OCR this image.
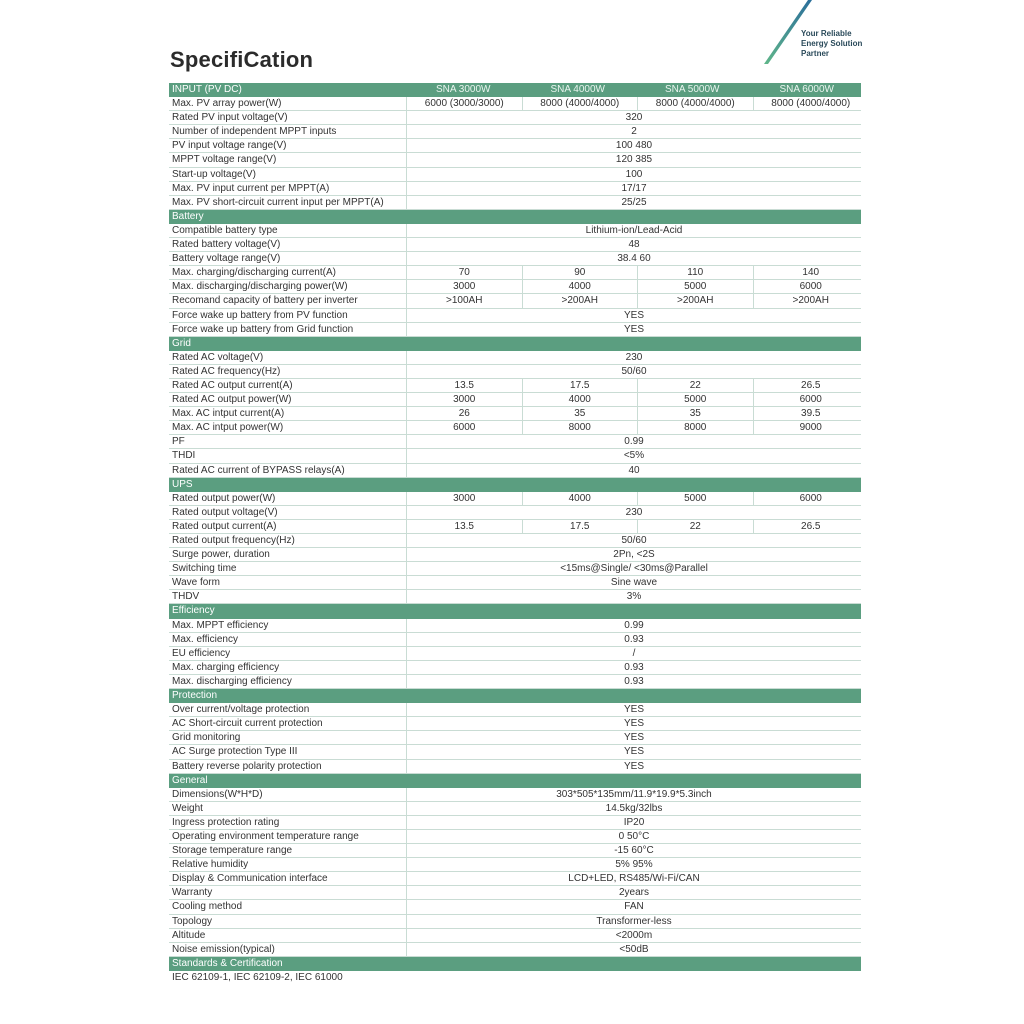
Your Reliable
Energy Solution
Partner
SpecifiCation
INPUT (PV DC)	SNA 3000W	SNA 4000W	SNA 5000W	SNA 6000W
Max. PV array power(W)	6000 (3000/3000)	8000 (4000/4000)	8000 (4000/4000)	8000 (4000/4000)
Rated PV input voltage(V)	320
Number of independent MPPT inputs	2
PV input voltage range(V)	100 480
MPPT voltage range(V)	120 385
Start-up voltage(V)	100
Max. PV input current per MPPT(A)	17/17
Max. PV short-circuit current input per MPPT(A)	25/25
Battery
Compatible battery type	Lithium-ion/Lead-Acid
Rated battery voltage(V)	48
Battery voltage range(V)	38.4 60
Max. charging/discharging current(A)	70	90	110	140
Max. discharging/discharging power(W)	3000	4000	5000	6000
Recomand capacity of battery per inverter	>100AH	>200AH	>200AH	>200AH
Force wake up battery from PV function	YES
Force wake up battery from Grid function	YES
Grid
Rated AC voltage(V)	230
Rated AC frequency(Hz)	50/60
Rated AC output current(A)	13.5	17.5	22	26.5
Rated AC output power(W)	3000	4000	5000	6000
Max. AC intput current(A)	26	35	35	39.5
Max. AC intput power(W)	6000	8000	8000	9000
PF	0.99
THDI	<5%
Rated AC current of BYPASS relays(A)	40
UPS
Rated output power(W)	3000	4000	5000	6000
Rated output voltage(V)	230
Rated output current(A)	13.5	17.5	22	26.5
Rated output frequency(Hz)	50/60
Surge power, duration	2Pn, <2S
Switching time	<15ms@Single/ <30ms@Parallel
Wave form	Sine wave
THDV	3%
Efficiency
Max. MPPT efficiency	0.99
Max. efficiency	0.93
EU efficiency	/
Max. charging efficiency	0.93
Max. discharging efficiency	0.93
Protection
Over current/voltage protection	YES
AC Short-circuit current protection	YES
Grid monitoring	YES
AC Surge protection Type III	YES
Battery reverse polarity protection	YES
General
Dimensions(W*H*D)	303*505*135mm/11.9*19.9*5.3inch
Weight	14.5kg/32lbs
Ingress protection rating	IP20
Operating environment temperature range	0 50°C
Storage temperature range	-15 60°C
Relative humidity	5% 95%
Display & Communication interface	LCD+LED, RS485/Wi-Fi/CAN
Warranty	2years
Cooling method	FAN
Topology	Transformer-less
Altitude	<2000m
Noise emission(typical)	<50dB
Standards & Certification
IEC 62109-1, IEC 62109-2, IEC 61000
